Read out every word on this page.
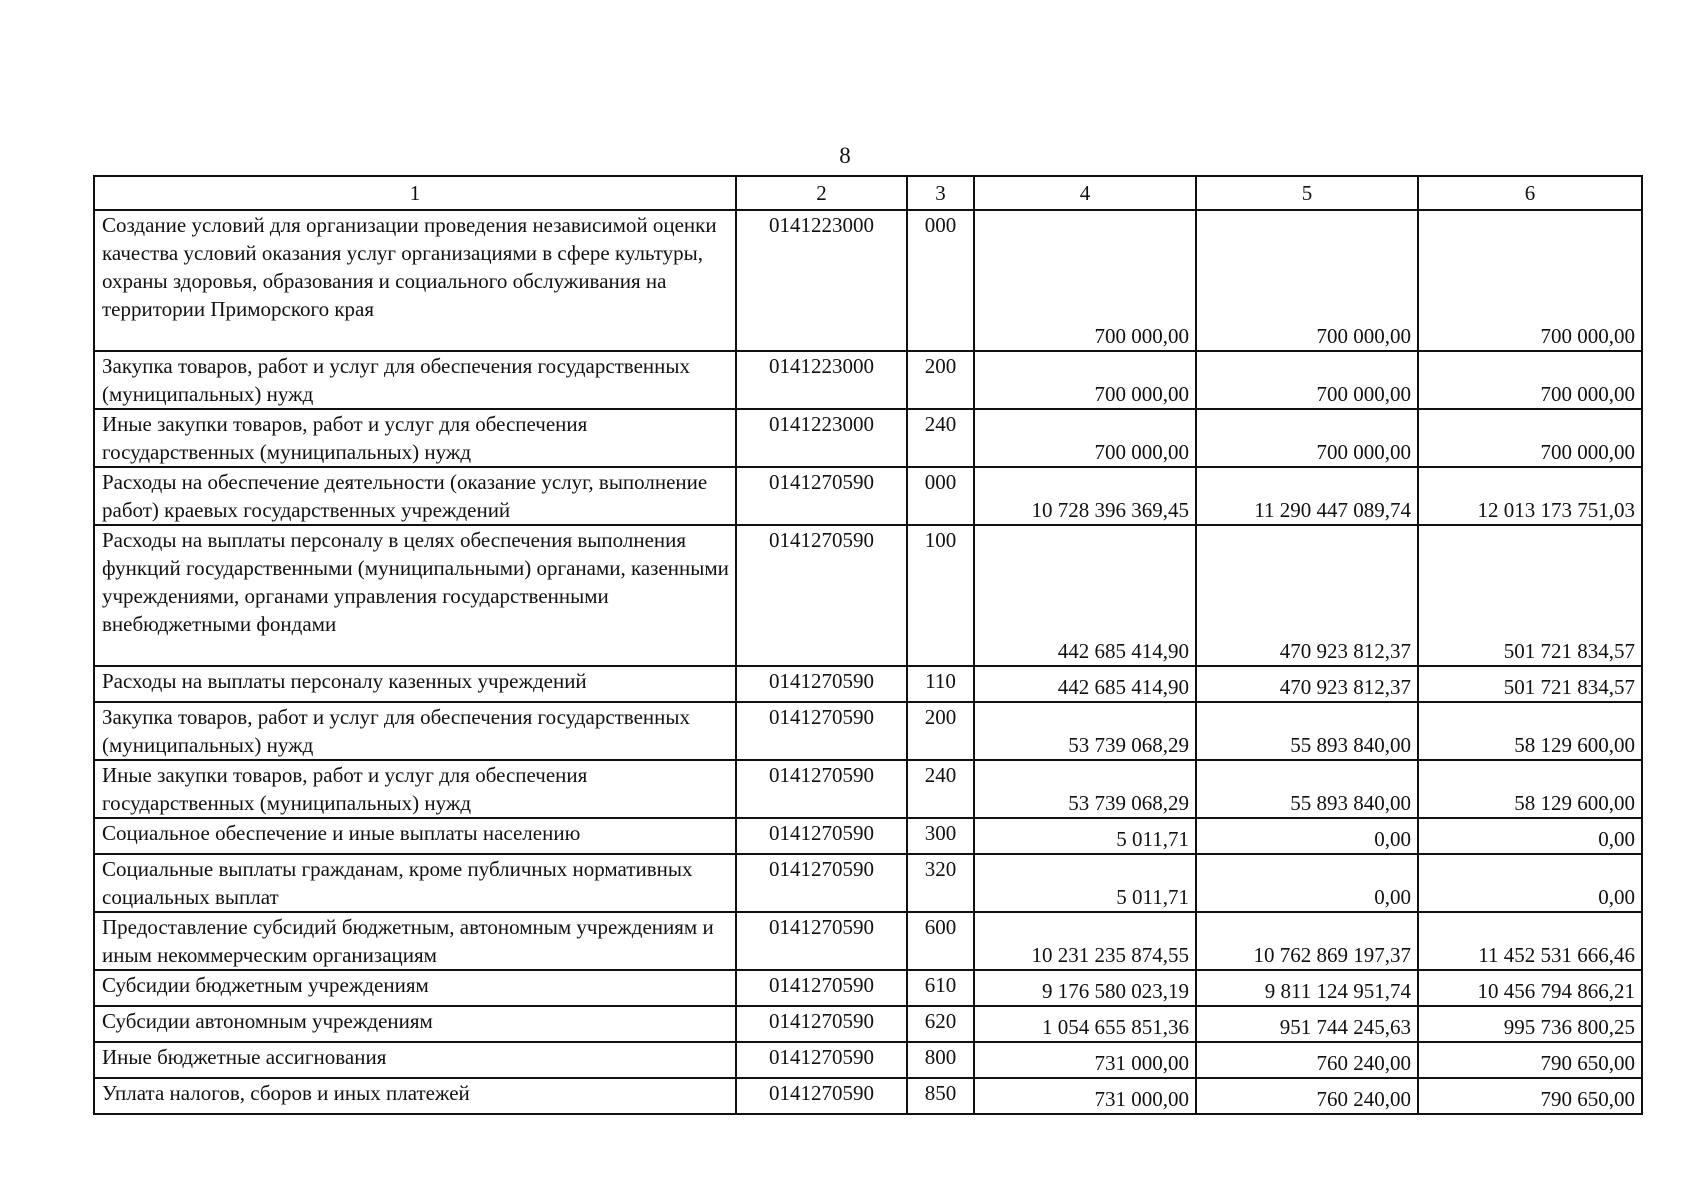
8
1	2	3	4	5	6
Создание условий для организации проведения независимой оценки качества условий оказания услуг организациями в сфере культуры, охраны здоровья, образования и социального обслуживания на территории Приморского края	0141223000	000	700 000,00	700 000,00	700 000,00
Закупка товаров, работ и услуг для обеспечения государственных (муниципальных) нужд	0141223000	200	700 000,00	700 000,00	700 000,00
Иные закупки товаров, работ и услуг для обеспечения государственных (муниципальных) нужд	0141223000	240	700 000,00	700 000,00	700 000,00
Расходы на обеспечение деятельности (оказание услуг, выполнение работ) краевых государственных учреждений	0141270590	000	10 728 396 369,45	11 290 447 089,74	12 013 173 751,03
Расходы на выплаты персоналу в целях обеспечения выполнения функций государственными (муниципальными) органами, казенными учреждениями, органами управления государственными внебюджетными фондами	0141270590	100	442 685 414,90	470 923 812,37	501 721 834,57
Расходы на выплаты персоналу казенных учреждений	0141270590	110	442 685 414,90	470 923 812,37	501 721 834,57
Закупка товаров, работ и услуг для обеспечения государственных (муниципальных) нужд	0141270590	200	53 739 068,29	55 893 840,00	58 129 600,00
Иные закупки товаров, работ и услуг для обеспечения государственных (муниципальных) нужд	0141270590	240	53 739 068,29	55 893 840,00	58 129 600,00
Социальное обеспечение и иные выплаты населению	0141270590	300	5 011,71	0,00	0,00
Социальные выплаты гражданам, кроме публичных нормативных социальных выплат	0141270590	320	5 011,71	0,00	0,00
Предоставление субсидий бюджетным, автономным учреждениям и иным некоммерческим организациям	0141270590	600	10 231 235 874,55	10 762 869 197,37	11 452 531 666,46
Субсидии бюджетным учреждениям	0141270590	610	9 176 580 023,19	9 811 124 951,74	10 456 794 866,21
Субсидии автономным учреждениям	0141270590	620	1 054 655 851,36	951 744 245,63	995 736 800,25
Иные бюджетные ассигнования	0141270590	800	731 000,00	760 240,00	790 650,00
Уплата налогов, сборов и иных платежей	0141270590	850	731 000,00	760 240,00	790 650,00
